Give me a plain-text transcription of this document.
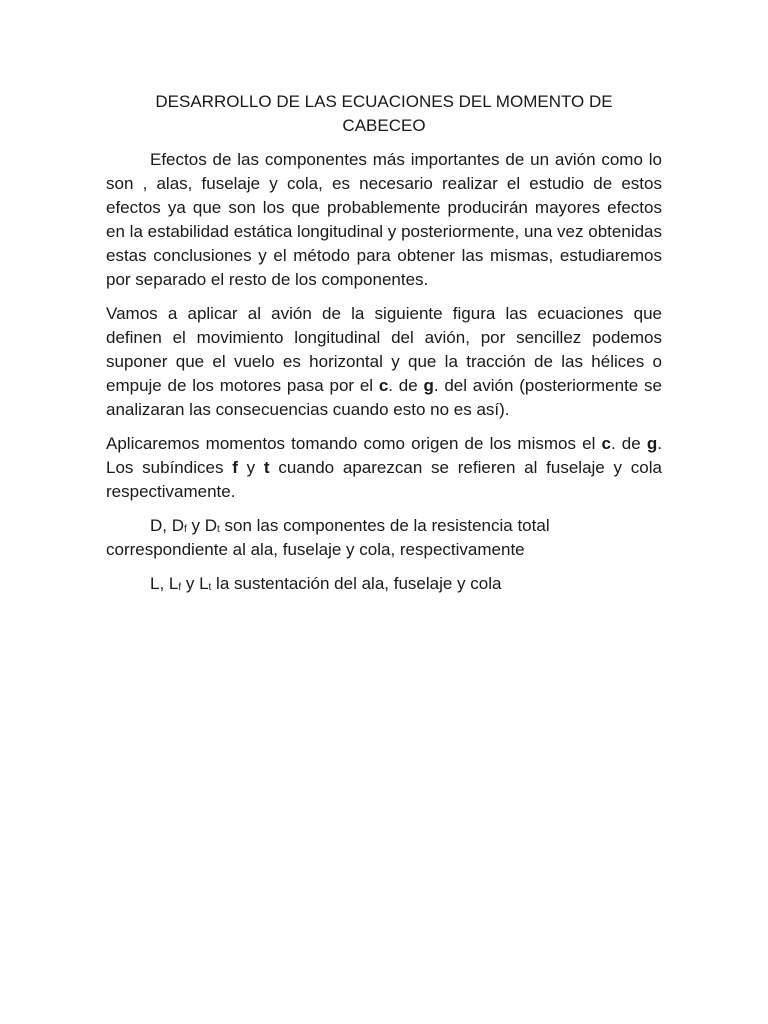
DESARROLLO DE LAS ECUACIONES DEL MOMENTO DE
CABECEO

Efectos de las componentes más importantes de un avión como lo son , alas, fuselaje y cola, es necesario realizar el estudio de estos efectos ya que son los que probablemente producirán mayores efectos en la estabilidad estática longitudinal y posteriormente, una vez obtenidas estas conclusiones y el método para obtener las mismas, estudiaremos por separado el resto de los componentes.

Vamos a aplicar al avión de la siguiente figura las ecuaciones que definen el movimiento longitudinal del avión, por sencillez podemos suponer que el vuelo es horizontal y que la tracción de las hélices o empuje de los motores pasa por el c. de g. del avión (posteriormente se analizaran las consecuencias cuando esto no es así).

Aplicaremos momentos tomando como origen de los mismos el c. de g. Los subíndices f y t cuando aparezcan se refieren al fuselaje y cola respectivamente.

D, $D_f$ y $D_t$ son las componentes de la resistencia total correspondiente al ala, fuselaje y cola, respectivamente

L, $L_f$ y $L_t$ la sustentación del ala, fuselaje y cola
